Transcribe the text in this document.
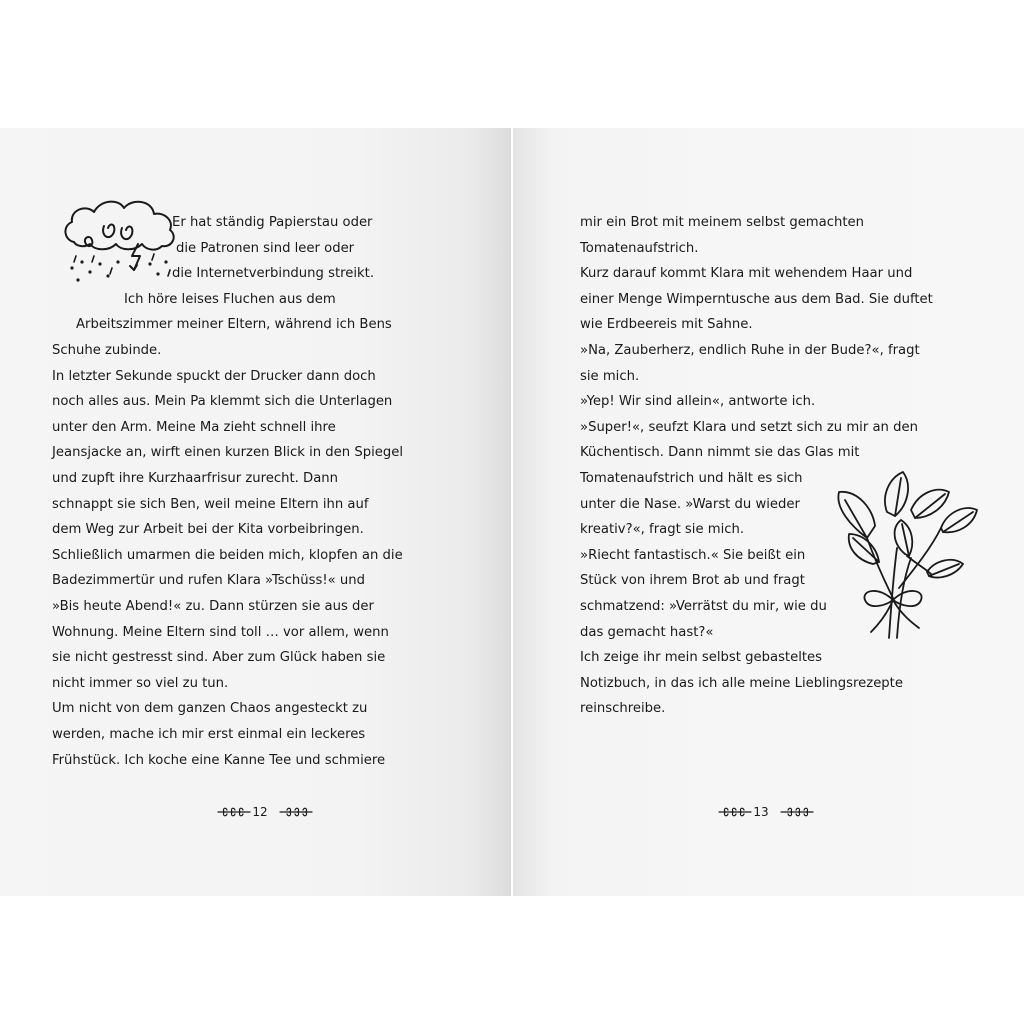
Er hat ständig Papierstau oder
die Patronen sind leer oder
die Internetverbindung streikt.
Ich höre leises Fluchen aus dem
Arbeitszimmer meiner Eltern, während ich Bens
Schuhe zubinde.
In letzter Sekunde spuckt der Drucker dann doch
noch alles aus. Mein Pa klemmt sich die Unterlagen
unter den Arm. Meine Ma zieht schnell ihre
Jeansjacke an, wirft einen kurzen Blick in den Spiegel
und zupft ihre Kurzhaarfrisur zurecht. Dann
schnappt sie sich Ben, weil meine Eltern ihn auf
dem Weg zur Arbeit bei der Kita vorbeibringen.
Schließlich umarmen die beiden mich, klopfen an die
Badezimmertür und rufen Klara »Tschüss!« und
»Bis heute Abend!« zu. Dann stürzen sie aus der
Wohnung. Meine Eltern sind toll … vor allem, wenn
sie nicht gestresst sind. Aber zum Glück haben sie
nicht immer so viel zu tun.
Um nicht von dem ganzen Chaos angesteckt zu
werden, mache ich mir erst einmal ein leckeres
Frühstück. Ich koche eine Kanne Tee und schmiere
12
mir ein Brot mit meinem selbst gemachten
Tomatenaufstrich.
Kurz darauf kommt Klara mit wehendem Haar und
einer Menge Wimperntusche aus dem Bad. Sie duftet
wie Erdbeereis mit Sahne.
»Na, Zauberherz, endlich Ruhe in der Bude?«, fragt
sie mich.
»Yep! Wir sind allein«, antworte ich.
»Super!«, seufzt Klara und setzt sich zu mir an den
Küchentisch. Dann nimmt sie das Glas mit
Tomatenaufstrich und hält es sich
unter die Nase. »Warst du wieder
kreativ?«, fragt sie mich.
»Riecht fantastisch.« Sie beißt ein
Stück von ihrem Brot ab und fragt
schmatzend: »Verrätst du mir, wie du
das gemacht hast?«
Ich zeige ihr mein selbst gebasteltes
Notizbuch, in das ich alle meine Lieblingsrezepte
reinschreibe.
13
